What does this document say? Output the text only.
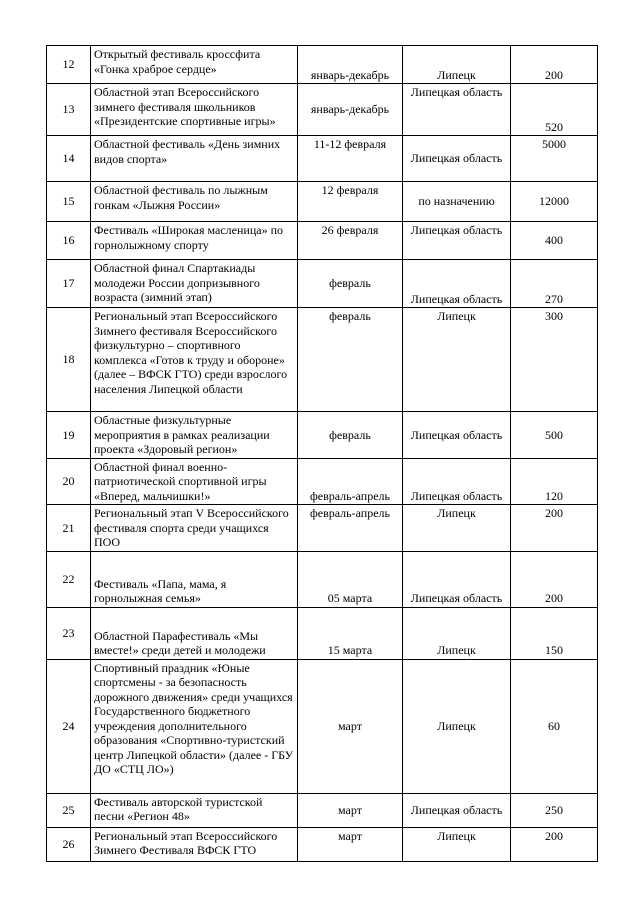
12	Открытый фестиваль кроссфита «Гонка храброе сердце»	январь-декабрь	Липецк	200
13	Областной этап Всероссийского зимнего фестиваля школьников «Президентские спортивные игры»	январь-декабрь	Липецкая область	520
14	Областной фестиваль «День зимних видов спорта»	11-12 февраля	Липецкая область	5000
15	Областной фестиваль по лыжным гонкам «Лыжня России»	12 февраля	по назначению	12000
16	Фестиваль «Широкая масленица» по горнолыжному спорту	26 февраля	Липецкая область	400
17	Областной финал Спартакиады молодежи России допризывного возраста (зимний этап)	февраль	Липецкая область	270
18	Региональный этап Всероссийского Зимнего фестиваля Всероссийского физкультурно – спортивного комплекса «Готов к труду и обороне» (далее – ВФСК ГТО) среди взрослого населения Липецкой области	февраль	Липецк	300
19	Областные физкультурные мероприятия в рамках реализации проекта «Здоровый регион»	февраль	Липецкая область	500
20	Областной финал военно-патриотической спортивной игры «Вперед, мальчишки!»	февраль-апрель	Липецкая область	120
21	Региональный этап V Всероссийского фестиваля спорта среди учащихся ПОО	февраль-апрель	Липецк	200
22	Фестиваль «Папа, мама, я горнолыжная семья»	05 марта	Липецкая область	200
23	Областной Парафестиваль «Мы вместе!» среди детей и молодежи	15 марта	Липецк	150
24	Спортивный праздник «Юные спортсмены - за безопасность дорожного движения» среди учащихся Государственного бюджетного учреждения дополнительного образования «Спортивно-туристский центр Липецкой области» (далее - ГБУ ДО «СТЦ ЛО»)	март	Липецк	60
25	Фестиваль авторской туристской песни «Регион 48»	март	Липецкая область	250
26	Региональный этап Всероссийского Зимнего Фестиваля ВФСК ГТО	март	Липецк	200
